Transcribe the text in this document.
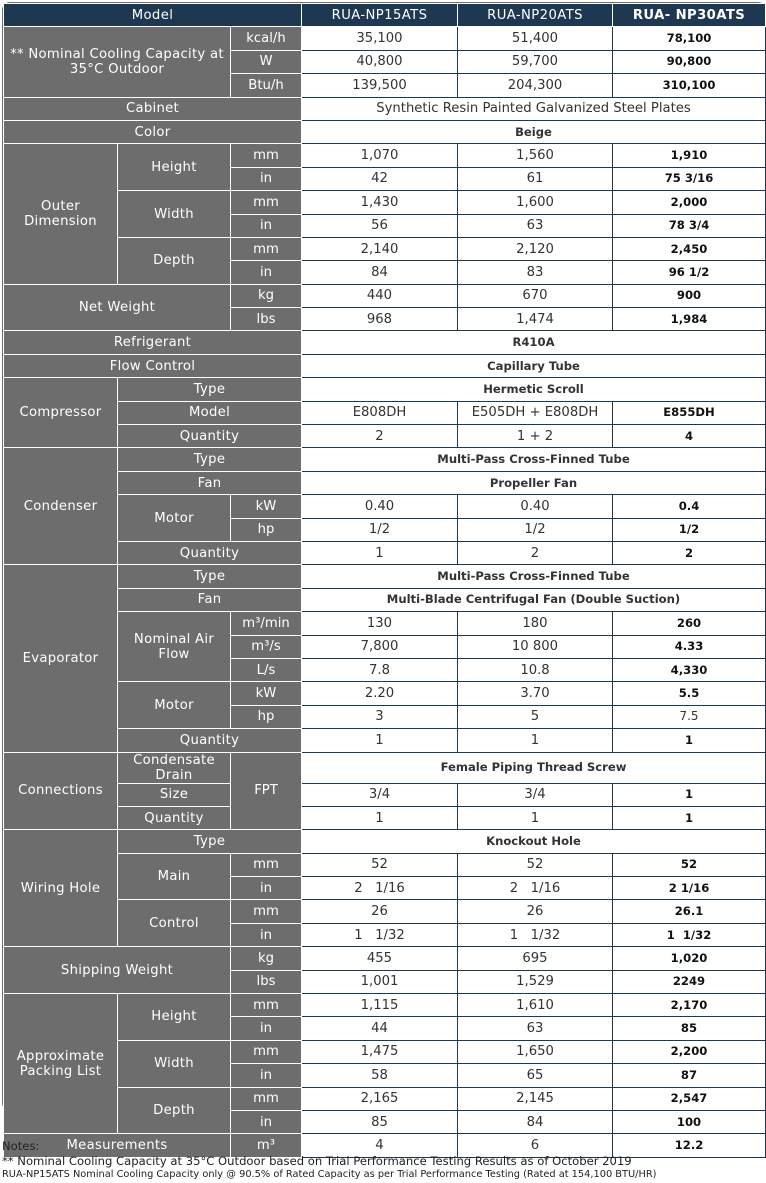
Model			RUA-NP15ATS	RUA-NP20ATS	RUA- NP30ATS
** Nominal Cooling Capacity at 35°C Outdoor		kcal/h	35,100	51,400	78,100
		W	40,800	59,700	90,800
		Btu/h	139,500	204,300	310,100
Cabinet			Synthetic Resin Painted Galvanized Steel Plates		
Color			Beige		
Outer Dimension	Height	mm	1,070	1,560	1,910
		in	42	61	75 3/16
	Width	mm	1,430	1,600	2,000
		in	56	63	78 3/4
	Depth	mm	2,140	2,120	2,450
		in	84	83	96 1/2
Net Weight		kg	440	670	900
		lbs	968	1,474	1,984
Refrigerant			R410A		
Flow Control			Capillary Tube		
Compressor	Type		Hermetic Scroll		
	Model		E808DH	E505DH + E808DH	E855DH
	Quantity		2	1 + 2	4
Condenser	Type		Multi-Pass Cross-Finned Tube		
	Fan		Propeller Fan		
	Motor	kW	0.40	0.40	0.4
		hp	1/2	1/2	1/2
	Quantity		1	2	2
Evaporator	Type		Multi-Pass Cross-Finned Tube		
	Fan		Multi-Blade Centrifugal Fan (Double Suction)		
	Nominal Air Flow	m³/min	130	180	260
		m³/s	7,800	10 800	4.33
		L/s	7.8	10.8	4,330
	Motor	kW	2.20	3.70	5.5
		hp	3	5	7.5
	Quantity		1	1	1
Connections	Condensate Drain	FPT	Female Piping Thread Screw		
	Size		3/4	3/4	1
	Quantity		1	1	1
Wiring Hole	Type		Knockout Hole		
	Main	mm	52	52	52
		in	2   1/16	2   1/16	2 1/16
	Control	mm	26	26	26.1
		in	1   1/32	1   1/32	1  1/32
Shipping Weight		kg	455	695	1,020
		lbs	1,001	1,529	2249
Approximate Packing List	Height	mm	1,115	1,610	2,170
		in	44	63	85
	Width	mm	1,475	1,650	2,200
		in	58	65	87
	Depth	mm	2,165	2,145	2,547
		in	85	84	100
Measurements		m³	4	6	12.2
Notes:
** Nominal Cooling Capacity at 35°C Outdoor based on Trial Performance Testing Results as of October 2019
RUA-NP15ATS Nominal Cooling Capacity only @ 90.5% of Rated Capacity as per Trial Performance Testing (Rated at 154,100 BTU/HR)
